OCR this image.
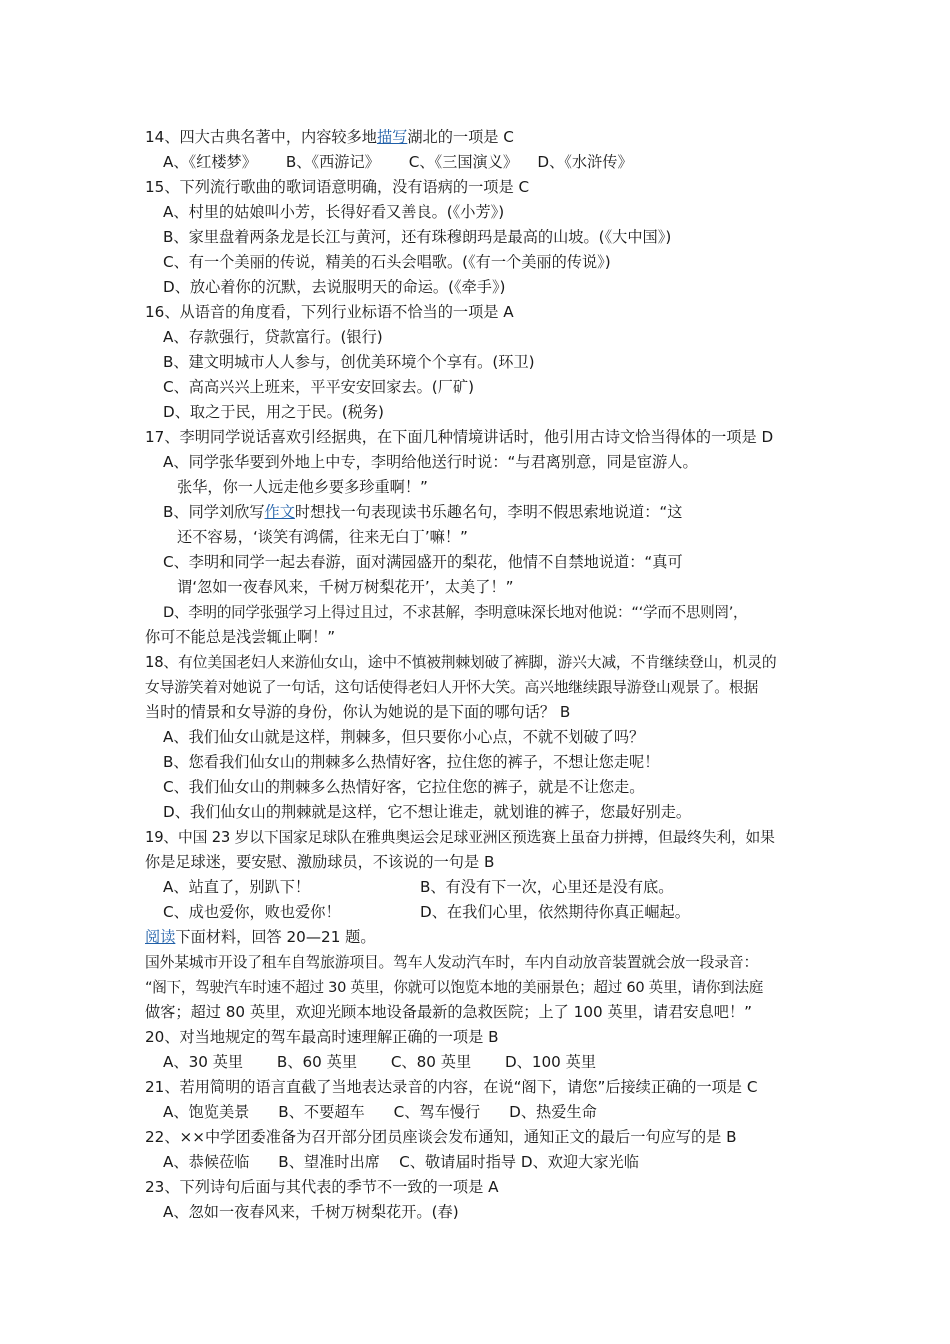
14、四大古典名著中，内容较多地描写湖北的一项是 C
A、《红楼梦》      B、《西游记》      C、《三国演义》    D、《水浒传》
15、下列流行歌曲的歌词语意明确，没有语病的一项是 C
A、村里的姑娘叫小芳，长得好看又善良。(《小芳》)
B、家里盘着两条龙是长江与黄河，还有珠穆朗玛是最高的山坡。(《大中国》)
C、有一个美丽的传说，精美的石头会唱歌。(《有一个美丽的传说》)
D、放心着你的沉默，去说服明天的命运。(《牵手》)
16、从语音的角度看，下列行业标语不恰当的一项是 A
A、存款强行，贷款富行。(银行)
B、建文明城市人人参与，创优美环境个个享有。(环卫)
C、高高兴兴上班来，平平安安回家去。(厂矿)
D、取之于民，用之于民。(税务)
17、李明同学说话喜欢引经据典，在下面几种情境讲话时，他引用古诗文恰当得体的一项是 D
A、同学张华要到外地上中专，李明给他送行时说：“与君离别意，同是宦游人。
张华，你一人远走他乡要多珍重啊！”
B、同学刘欣写作文时想找一句表现读书乐趣名句，李明不假思索地说道：“这
还不容易，‘谈笑有鸿儒，往来无白丁’嘛！”
C、李明和同学一起去春游，面对满园盛开的梨花，他情不自禁地说道：“真可
谓‘忽如一夜春风来，千树万树梨花开’，太美了！”
D、李明的同学张强学习上得过且过，不求甚解，李明意味深长地对他说：“‘学而不思则罔’，
你可不能总是浅尝辄止啊！”
18、有位美国老妇人来游仙女山，途中不慎被荆棘划破了裤脚，游兴大减，不肯继续登山，机灵的
女导游笑着对她说了一句话，这句话使得老妇人开怀大笑。高兴地继续跟导游登山观景了。根据
当时的情景和女导游的身份，你认为她说的是下面的哪句话？ B
A、我们仙女山就是这样，荆棘多，但只要你小心点，不就不划破了吗？
B、您看我们仙女山的荆棘多么热情好客，拉住您的裤子，不想让您走呢！
C、我们仙女山的荆棘多么热情好客，它拉住您的裤子，就是不让您走。
D、我们仙女山的荆棘就是这样，它不想让谁走，就划谁的裤子，您最好别走。
19、中国 23 岁以下国家足球队在雅典奥运会足球亚洲区预选赛上虽奋力拼搏，但最终失利，如果
你是足球迷，要安慰、激励球员，不该说的一句是 B
A、站直了，别趴下！	B、有没有下一次，心里还是没有底。
C、成也爱你，败也爱你！	D、在我们心里，依然期待你真正崛起。
阅读下面材料，回答 20—21 题。
国外某城市开设了租车自驾旅游项目。驾车人发动汽车时，车内自动放音装置就会放一段录音：
“阁下，驾驶汽车时速不超过 30 英里，你就可以饱览本地的美丽景色；超过 60 英里，请你到法庭
做客；超过 80 英里，欢迎光顾本地设备最新的急救医院；上了 100 英里，请君安息吧！”
20、对当地规定的驾车最高时速理解正确的一项是 B
A、30 英里       B、60 英里       C、80 英里       D、100 英里
21、若用简明的语言直截了当地表达录音的内容，在说“阁下，请您”后接续正确的一项是 C
A、饱览美景      B、不要超车      C、驾车慢行      D、热爱生命
22、××中学团委准备为召开部分团员座谈会发布通知，通知正文的最后一句应写的是 B
A、恭候莅临      B、望准时出席    C、敬请届时指导 D、欢迎大家光临
23、下列诗句后面与其代表的季节不一致的一项是 A
A、忽如一夜春风来，千树万树梨花开。(春)
